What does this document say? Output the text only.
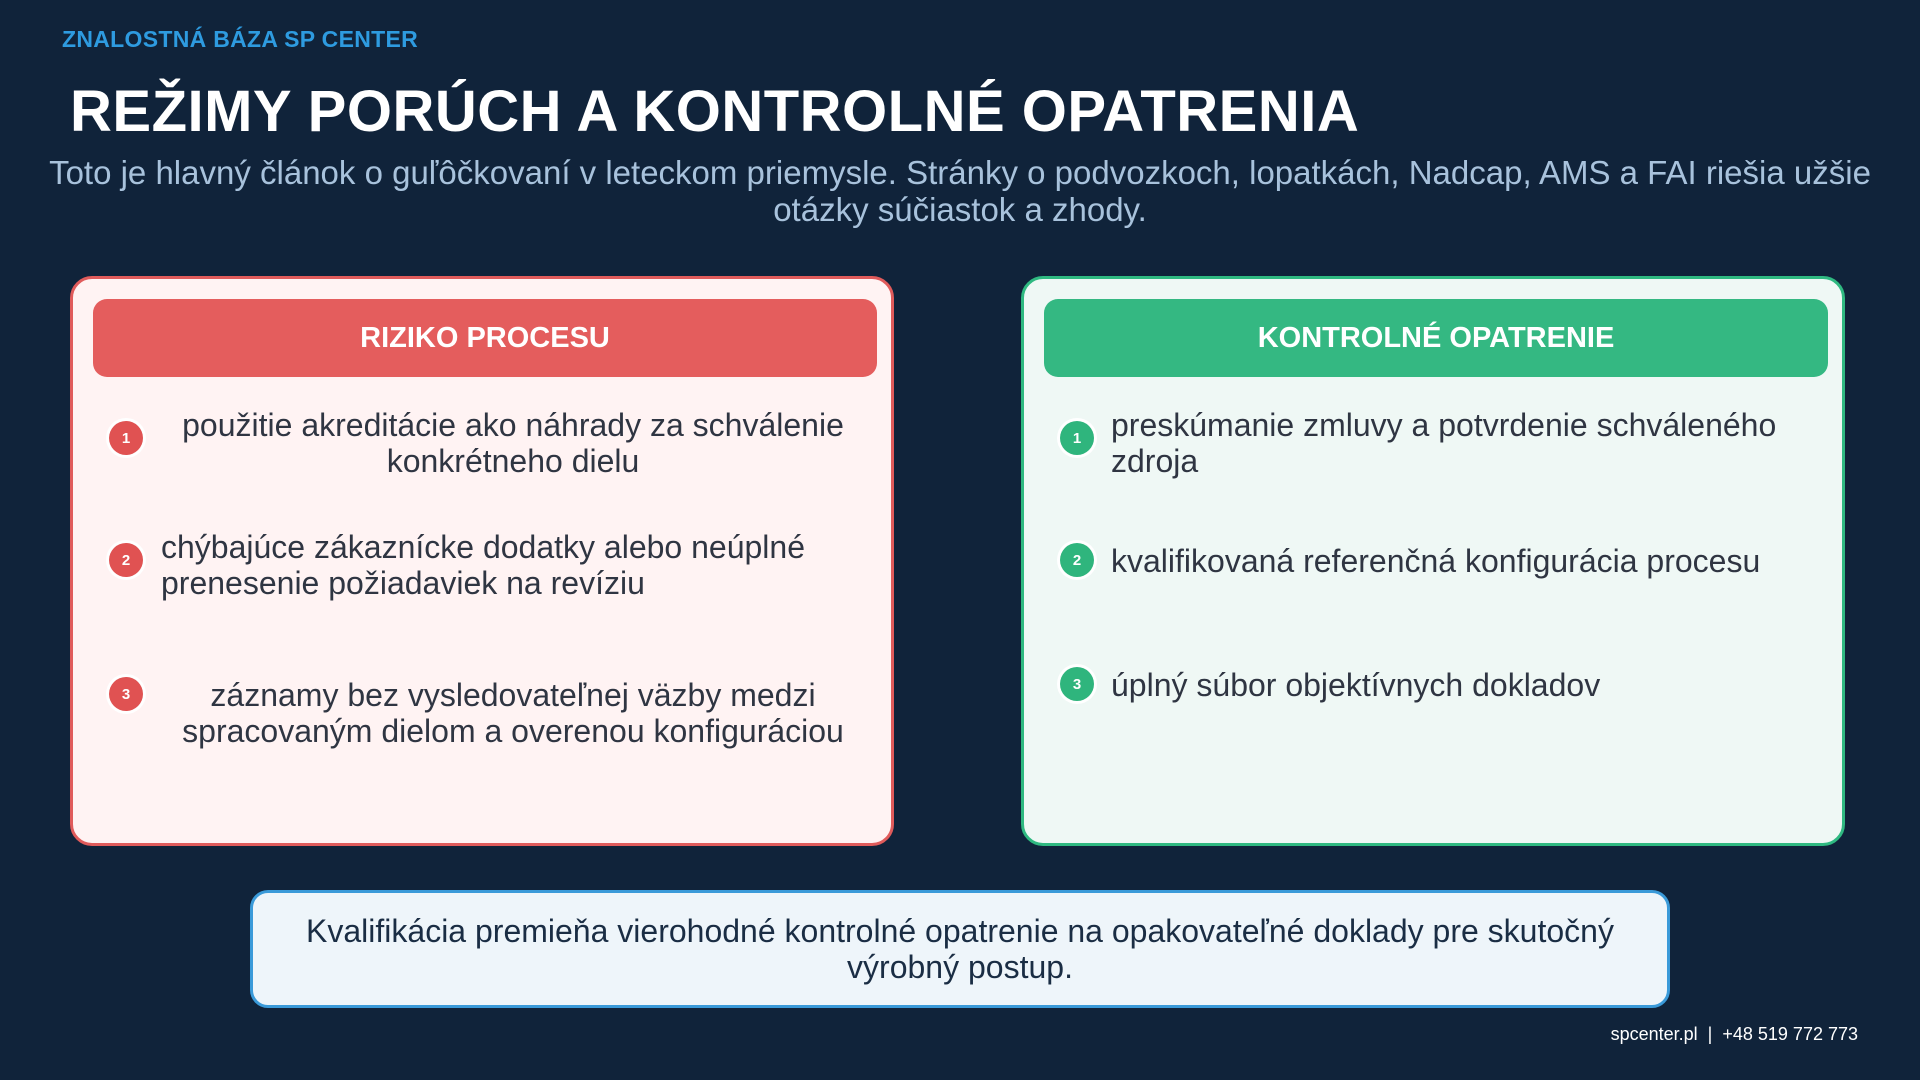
ZNALOSTNÁ BÁZA SP CENTER
REŽIMY PORÚCH A KONTROLNÉ OPATRENIA
Toto je hlavný článok o guľôčkovaní v leteckom priemysle. Stránky o podvozkoch, lopatkách, Nadcap, AMS a FAI riešia užšie otázky súčiastok a zhody.
RIZIKO PROCESU
1	použitie akreditácie ako náhrady za schválenie konkrétneho dielu
2 chýbajúce zákaznícke dodatky alebo neúplné prenesenie požiadaviek na revíziu
3	záznamy bez vysledovateľnej väzby medzi spracovaným dielom a overenou konfiguráciou
KONTROLNÉ OPATRENIE
1 preskúmanie zmluvy a potvrdenie schváleného zdroja
2 kvalifikovaná referenčná konfigurácia procesu
3 úplný súbor objektívnych dokladov
Kvalifikácia premieňa vierohodné kontrolné opatrenie na opakovateľné doklady pre skutočný výrobný postup.
spcenter.pl  |  +48 519 772 773
